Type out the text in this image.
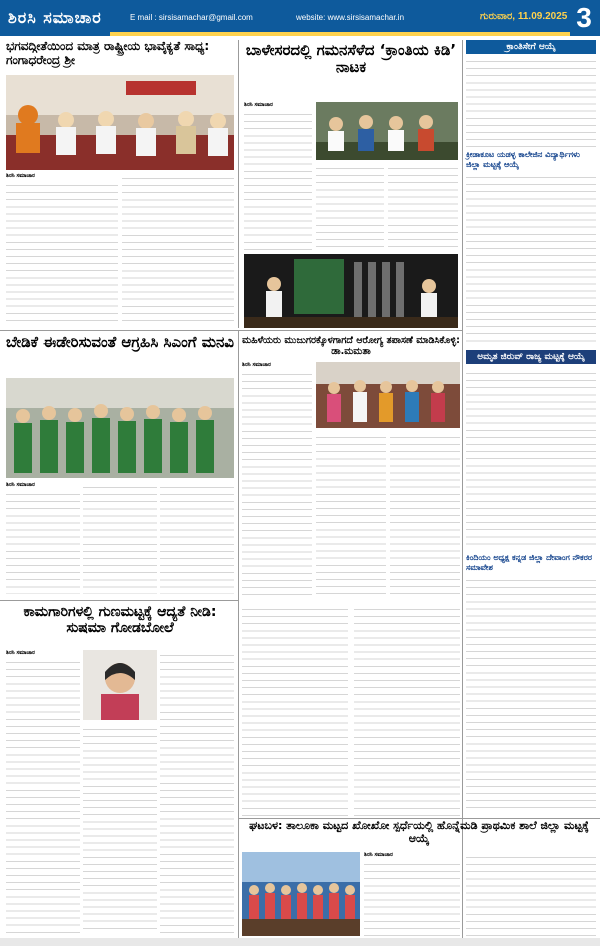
ಶಿರಸಿ ಸಮಾಚಾರ	E mail : sirsisamachar@gmail.com	website: www.sirsisamachar.in	ಗುರುವಾರ, 11.09.2025 3
ಭಗವದ್ಗೀತೆಯಿಂದ ಮಾತ್ರ ರಾಷ್ಟ್ರೀಯ ಭಾವೈಕ್ಯತೆ ಸಾಧ್ಯ: ಗಂಗಾಧರೇಂದ್ರ ಶ್ರೀ
ಶಿರಸಿ ಸಮಾಚಾರ
ಬಾಳೇಸರದಲ್ಲಿ ಗಮನಸೆಳೆದ ‘ಕ್ರಾಂತಿಯ ಕಿಡಿ’ ನಾಟಕ
ಶಿರಸಿ ಸಮಾಚಾರ
ಕ್ರಾಂತಿಸೇಗೆ ಆಯ್ಕೆ
ಕ್ರೀಡಾಕೂಟ ಯಡಳ್ಳ ಕಾಲೇಜಿನ ವಿದ್ಯಾರ್ಥಿಗಳು ಜಿಲ್ಲಾ ಮಟ್ಟಕ್ಕೆ ಆಯ್ಕೆ
ಅಮೃತ ಜಿರುವ್ ರಾಜ್ಯ ಮಟ್ಟಕ್ಕೆ ಆಯ್ಕೆ
ಕಿಂದಿಯಂ ಅಧ್ಯಕ್ಷ ಕನ್ನಡ ಜಿಲ್ಲಾ ದೇವಾಂಗ ನೌಕರರ ಸಮಾವೇಶ
ಬೇಡಿಕೆ ಈಡೇರಿಸುವಂತೆ ಆಗ್ರಹಿಸಿ ಸಿಎಂಗೆ ಮನವಿ
ಶಿರಸಿ ಸಮಾಚಾರ
ಮಹಿಳೆಯರು ಮುಜುಗರಕ್ಕೊಳಗಾಗದೆ ಆರೋಗ್ಯ ತಪಾಸಣೆ ಮಾಡಿಸಿಕೊಳ್ಳಿ: ಡಾ.ಮಮತಾ
ಶಿರಸಿ ಸಮಾಚಾರ
ಕಾಮಗಾರಿಗಳಲ್ಲಿ ಗುಣಮಟ್ಟಕ್ಕೆ ಆದ್ಯತೆ ನೀಡಿ: ಸುಷಮಾ ಗೋಡಬೋಲೆ
ಶಿರಸಿ ಸಮಾಚಾರ
ಘಟಬಳ: ತಾಲೂಕಾ ಮಟ್ಟದ ಖೋಖೋ ಸ್ಪರ್ಧೆಯಲ್ಲಿ ಹೊನ್ನೆಮಡಿ ಪ್ರಾಥಮಿಕ ಶಾಲೆ ಜಿಲ್ಲಾ ಮಟ್ಟಕ್ಕೆ ಆಯ್ಕೆ
ಶಿರಸಿ ಸಮಾಚಾರ
